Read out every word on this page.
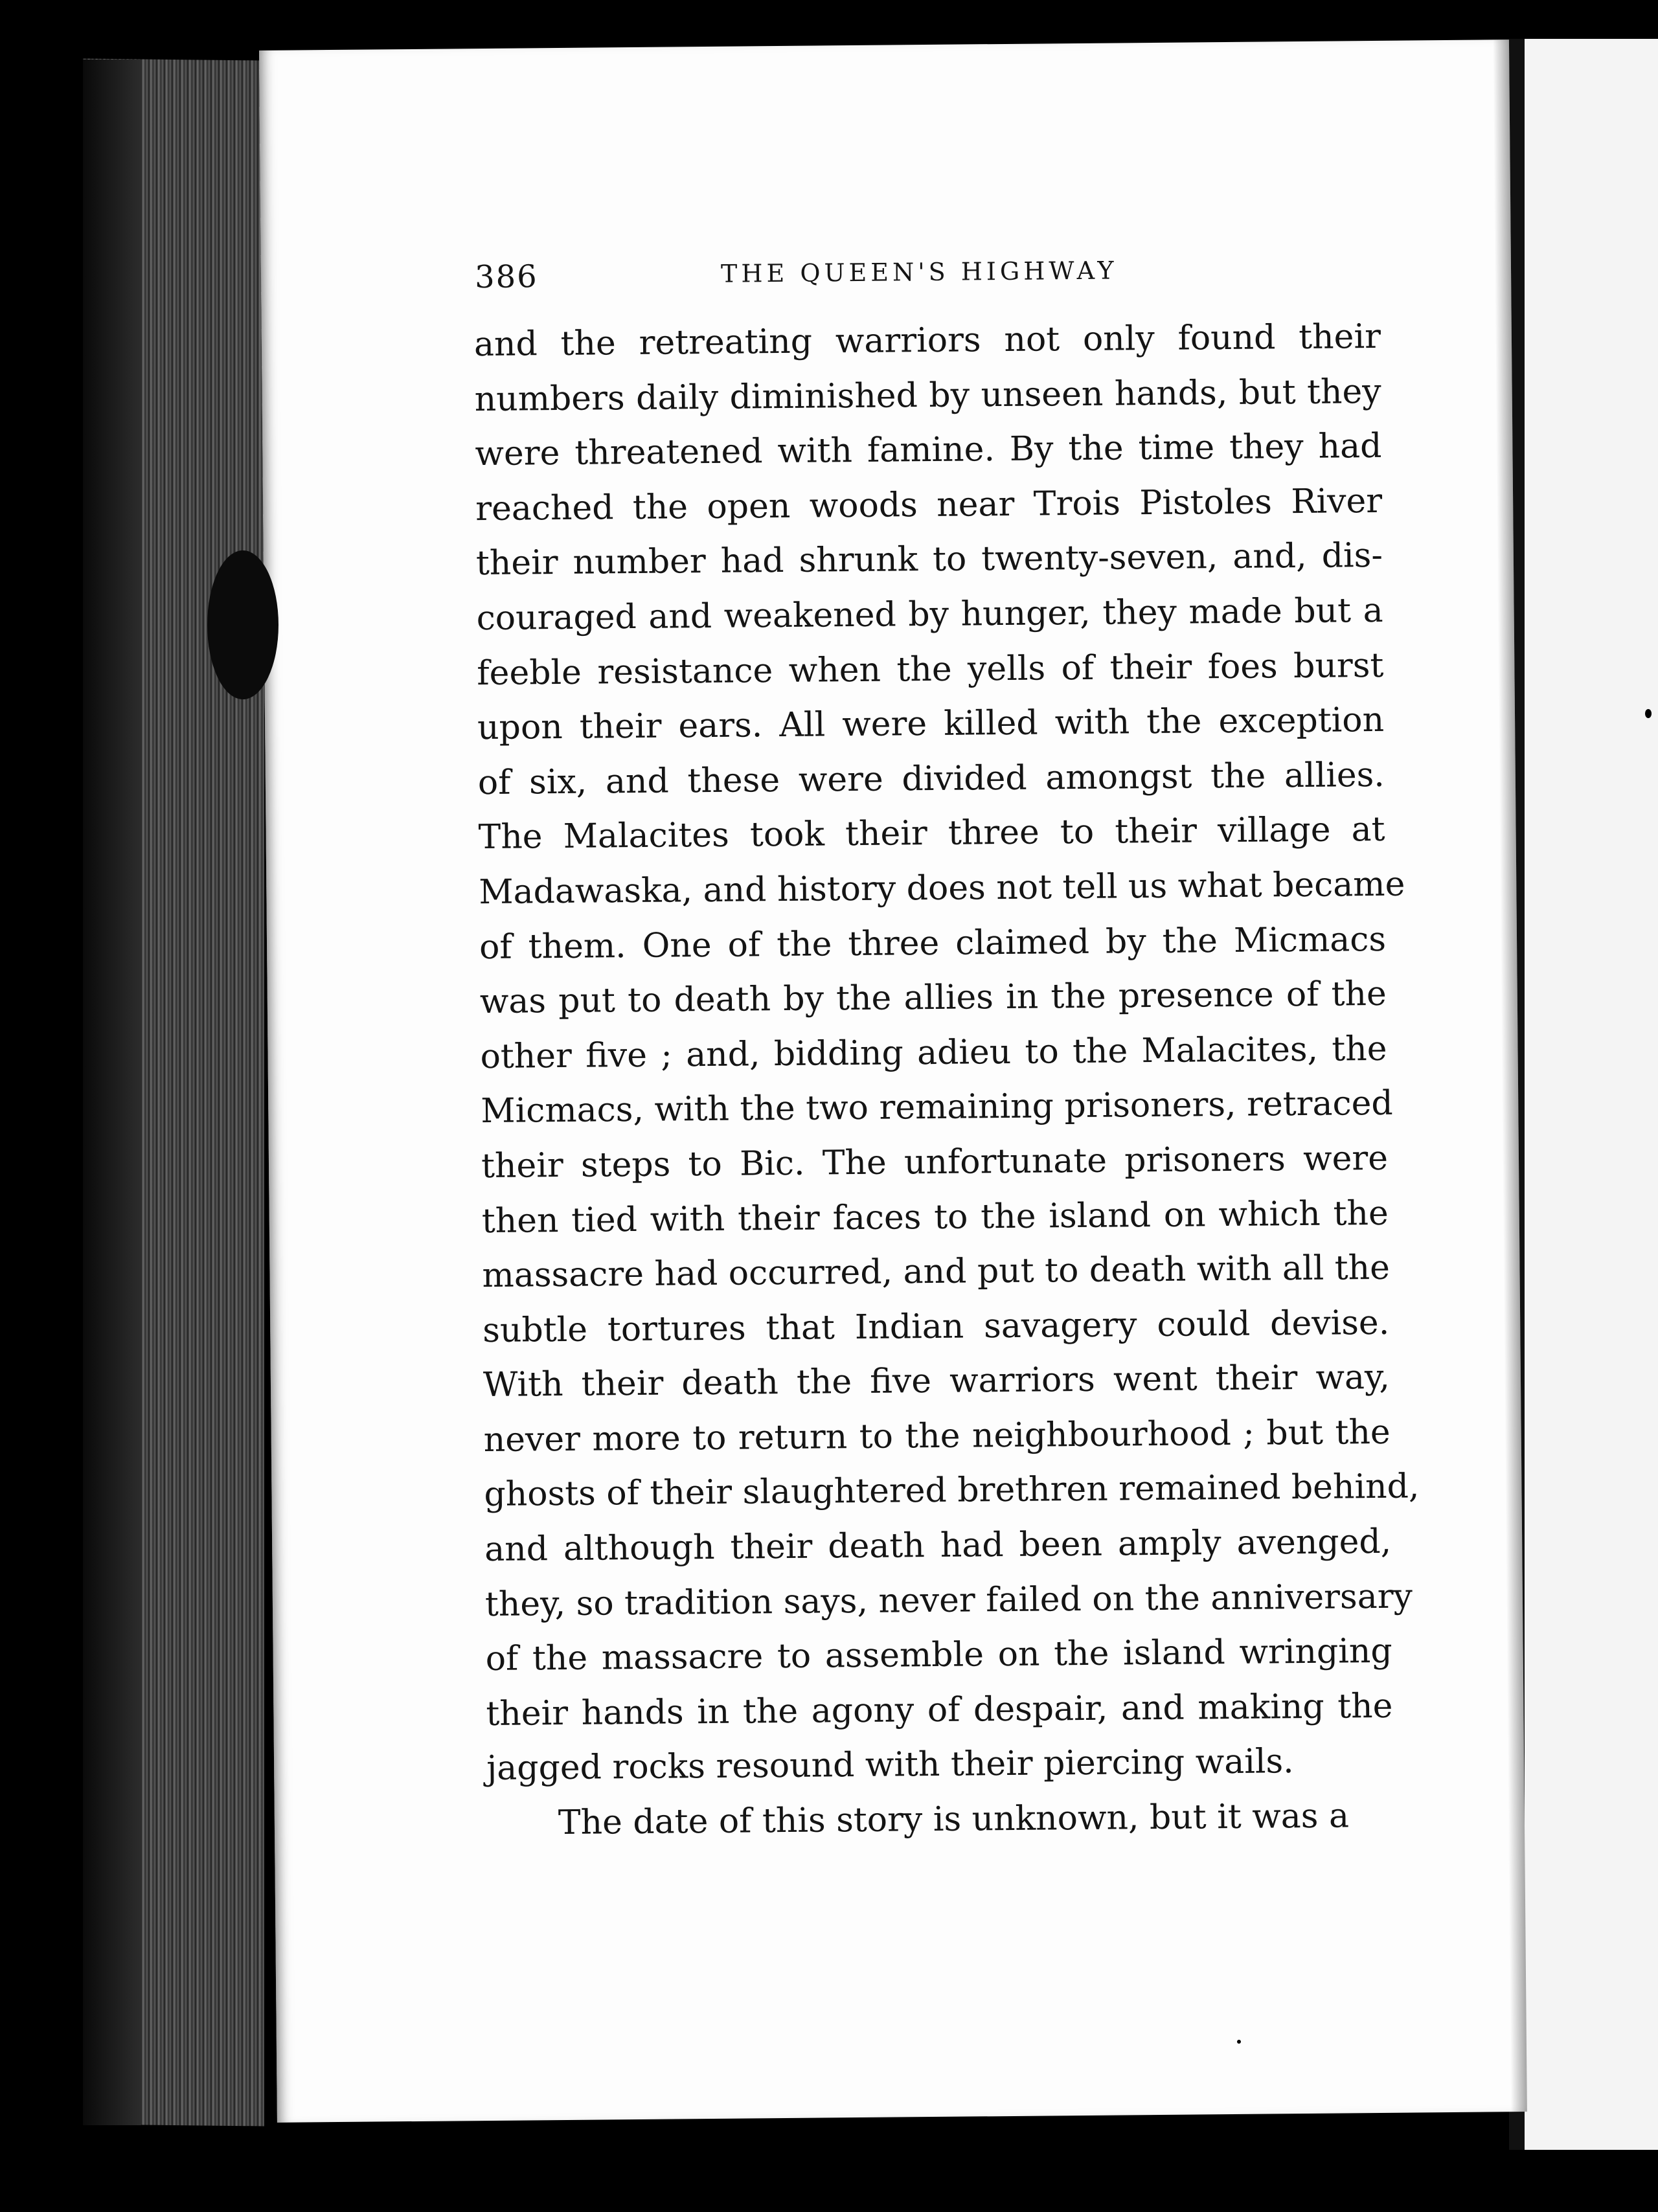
386	THE QUEEN'S HIGHWAY
and the retreating warriors not only found their
numbers daily diminished by unseen hands, but they
were threatened with famine. By the time they had
reached the open woods near Trois Pistoles River
their number had shrunk to twenty-seven, and, dis-
couraged and weakened by hunger, they made but a
feeble resistance when the yells of their foes burst
upon their ears. All were killed with the exception
of six, and these were divided amongst the allies.
The Malacites took their three to their village at
Madawaska, and history does not tell us what became
of them. One of the three claimed by the Micmacs
was put to death by the allies in the presence of the
other five ; and, bidding adieu to the Malacites, the
Micmacs, with the two remaining prisoners, retraced
their steps to Bic. The unfortunate prisoners were
then tied with their faces to the island on which the
massacre had occurred, and put to death with all the
subtle tortures that Indian savagery could devise.
With their death the five warriors went their way,
never more to return to the neighbourhood ; but the
ghosts of their slaughtered brethren remained behind,
and although their death had been amply avenged,
they, so tradition says, never failed on the anniversary
of the massacre to assemble on the island wringing
their hands in the agony of despair, and making the
jagged rocks resound with their piercing wails.
The date of this story is unknown, but it was a
